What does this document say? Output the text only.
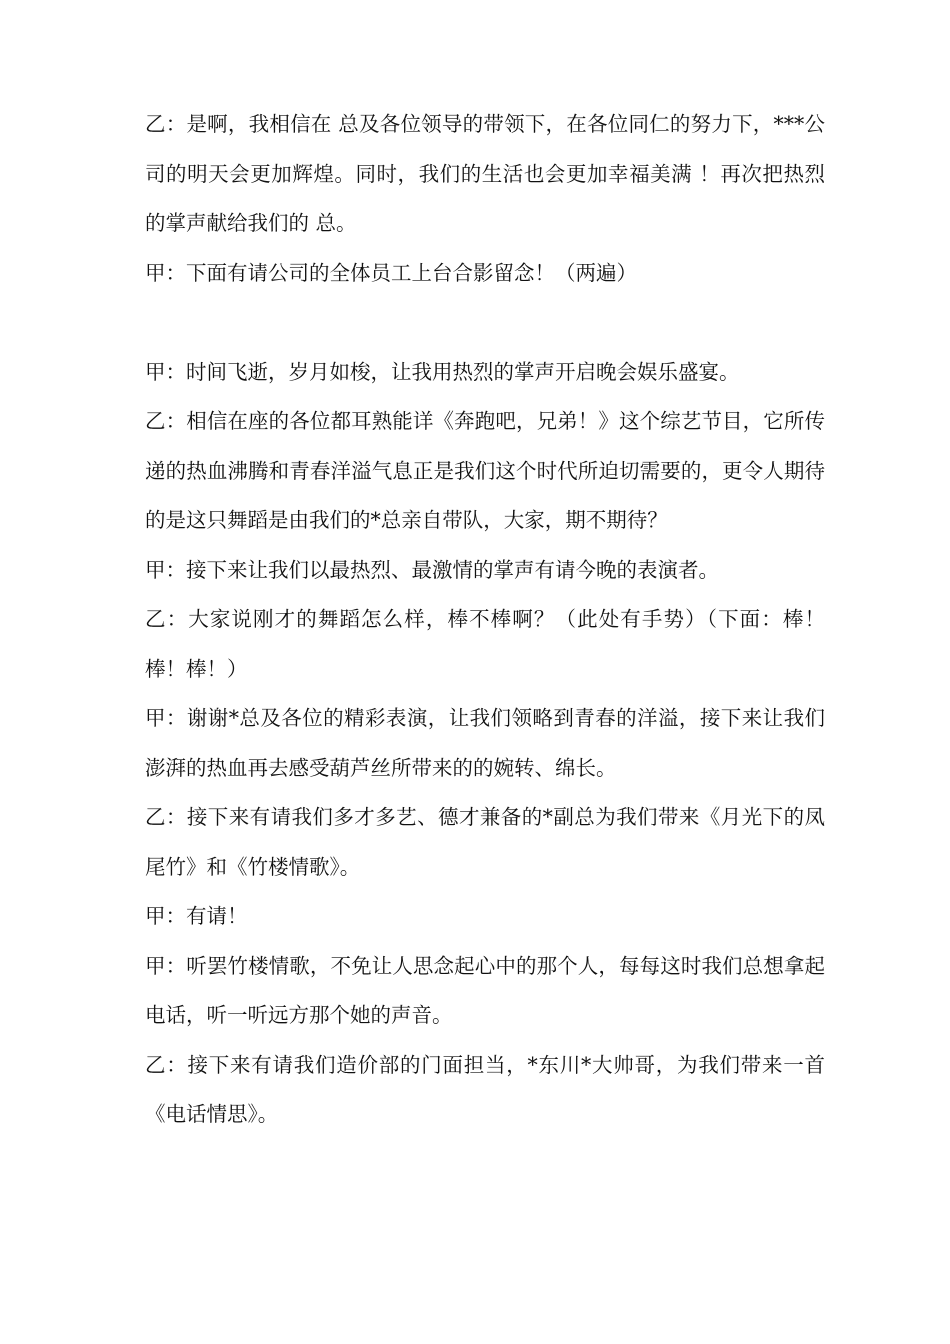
乙：是啊，我相信在 总及各位领导的带领下，在各位同仁的努力下，***公司的明天会更加辉煌。同时，我们的生活也会更加幸福美满 ！再次把热烈的掌声献给我们的 总。

甲：下面有请公司的全体员工上台合影留念！（两遍）

甲：时间飞逝，岁月如梭，让我用热烈的掌声开启晚会娱乐盛宴。

乙：相信在座的各位都耳熟能详《奔跑吧，兄弟！》这个综艺节目，它所传递的热血沸腾和青春洋溢气息正是我们这个时代所迫切需要的，更令人期待的是这只舞蹈是由我们的*总亲自带队，大家，期不期待？

甲：接下来让我们以最热烈、最激情的掌声有请今晚的表演者。

乙：大家说刚才的舞蹈怎么样，棒不棒啊？（此处有手势）（下面：棒！棒！棒！）

甲：谢谢*总及各位的精彩表演，让我们领略到青春的洋溢，接下来让我们澎湃的热血再去感受葫芦丝所带来的的婉转、绵长。

乙：接下来有请我们多才多艺、德才兼备的*副总为我们带来《月光下的凤尾竹》和《竹楼情歌》。

甲：有请！

甲：听罢竹楼情歌，不免让人思念起心中的那个人，每每这时我们总想拿起电话，听一听远方那个她的声音。

乙：接下来有请我们造价部的门面担当，*东川*大帅哥，为我们带来一首《电话情思》。
